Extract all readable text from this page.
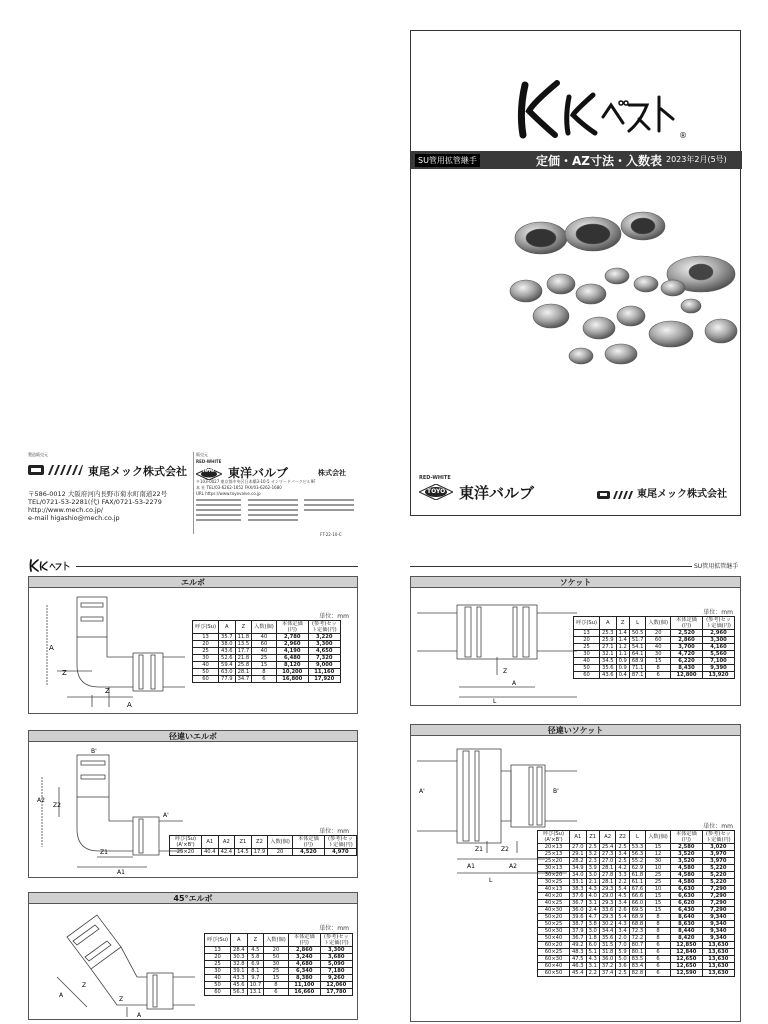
製造販売元
東尾メック株式会社
〒586-0012 大阪府河内長野市菊水町南道22号
TEL/0721-53-2281(代) FAX/0721-53-2279
http://www.mech.co.jp/
e-mail higashio@mech.co.jp
販売元
RED-WHITE
TOYO 東洋バルブ	株式会社
〒103-0027 東京都中央区日本橋3-10-5 オンワードパークビル9F
本 社 TEL/03-6262-1652 FAX/03-6262-1680
URL https://www.toyovalve.co.jp
FT-22-10-C
®
SU管用拡管継手	定価・AZ寸法・入数表 2023年2月(5号)
RED-WHITE
TOYO 東洋バルブ	東尾メック株式会社
SU管用拡管継手
エルボ
A
Z
Z
A
単位：mm
呼び(Su)	A	Z	入数(個)	本体定価(円)	(参考)セット定価(円)
13	35.7	11.8	40	2,780	3,220
20	38.0	13.5	60	2,960	3,300
25	43.6	17.7	40	4,190	4,650
30	52.6	21.8	25	6,480	7,320
40	59.4	25.8	15	8,120	9,000
50	63.0	28.1	8	10,200	11,160
60	77.9	34.7	6	16,800	17,920
径違いエルボ
B'
A2
Z2
Z1
A1
A'
単位：mm
呼び(Su)(A'×B')	A1	A2	Z1	Z2	入数(個)	本体定価(円)	(参考)セット定価(円)
25×20	40.4	42.4	14.5	17.9	20	4,520	4,970
45°エルボ
A
Z
Z
A
単位：mm
呼び(Su)	A	Z	入数(個)	本体定価(円)	(参考)セット定価(円)
13	28.4	4.5	20	2,860	3,300
20	30.3	5.8	50	3,240	3,680
25	32.8	6.9	30	4,680	5,090
30	39.1	8.1	25	6,340	7,180
40	43.3	9.7	15	8,380	9,260
50	45.6	10.7	8	11,100	12,060
60	56.3	13.1	6	16,660	17,780
ソケット
Z
A
L
単位：mm
呼び(Su)	A	Z	L	入数(個)	本体定価(円)	(参考)セット定価(円)
13	25.3	1.4	50.5	20	2,520	2,960
20	25.9	1.4	51.7	60	2,860	3,300
25	27.1	1.2	54.1	40	3,700	4,160
30	32.1	1.1	64.1	30	4,720	5,560
40	34.5	0.9	68.9	15	6,220	7,100
50	35.6	0.9	71.1	8	8,430	9,390
60	43.6	0.4	87.1	6	12,800	13,920
径違いソケット
A'	B'
Z1	Z2
A1	A2
L
単位：mm
呼び(Su)(A'×B')	A1	Z1	A2	Z2	L	入数(個)	本体定価(円)	(参考)セット定価(円)
20×13	27.0	2.5	25.4	2.5	53.3	15	2,580	3,020
25×13	29.1	3.2	27.3	3.4	56.3	12	3,520	3,970
25×20	28.2	2.3	27.0	2.5	55.2	30	3,520	3,970
30×13	34.9	3.9	28.1	4.2	62.9	10	4,580	5,220
30×20	34.0	3.0	27.8	3.3	61.8	25	4,580	5,220
30×25	33.1	2.1	28.1	2.2	61.1	25	4,580	5,220
40×13	38.3	4.3	29.3	5.4	67.6	10	6,630	7,290
40×20	37.6	4.0	29.0	4.5	66.6	15	6,630	7,290
40×25	36.7	3.1	29.3	3.4	66.0	15	6,620	7,290
40×30	36.0	2.4	33.6	2.6	69.5	15	6,430	7,290
50×20	39.6	4.7	29.3	5.4	68.9	8	8,640	9,340
50×25	38.7	3.8	30.2	4.3	68.8	8	8,630	9,340
50×30	37.9	3.0	34.4	3.4	72.3	8	8,440	9,340
50×40	36.7	1.8	35.6	2.0	72.2	8	8,420	9,340
60×20	49.2	6.0	31.5	7.0	80.7	6	12,850	13,630
60×25	48.3	5.1	31.8	5.9	80.1	6	12,840	13,630
60×30	47.5	4.3	36.0	5.0	83.5	6	12,650	13,630
60×40	46.3	3.1	37.2	3.6	83.4	6	12,650	13,630
60×50	45.4	2.2	37.4	2.5	82.8	6	12,590	13,630
